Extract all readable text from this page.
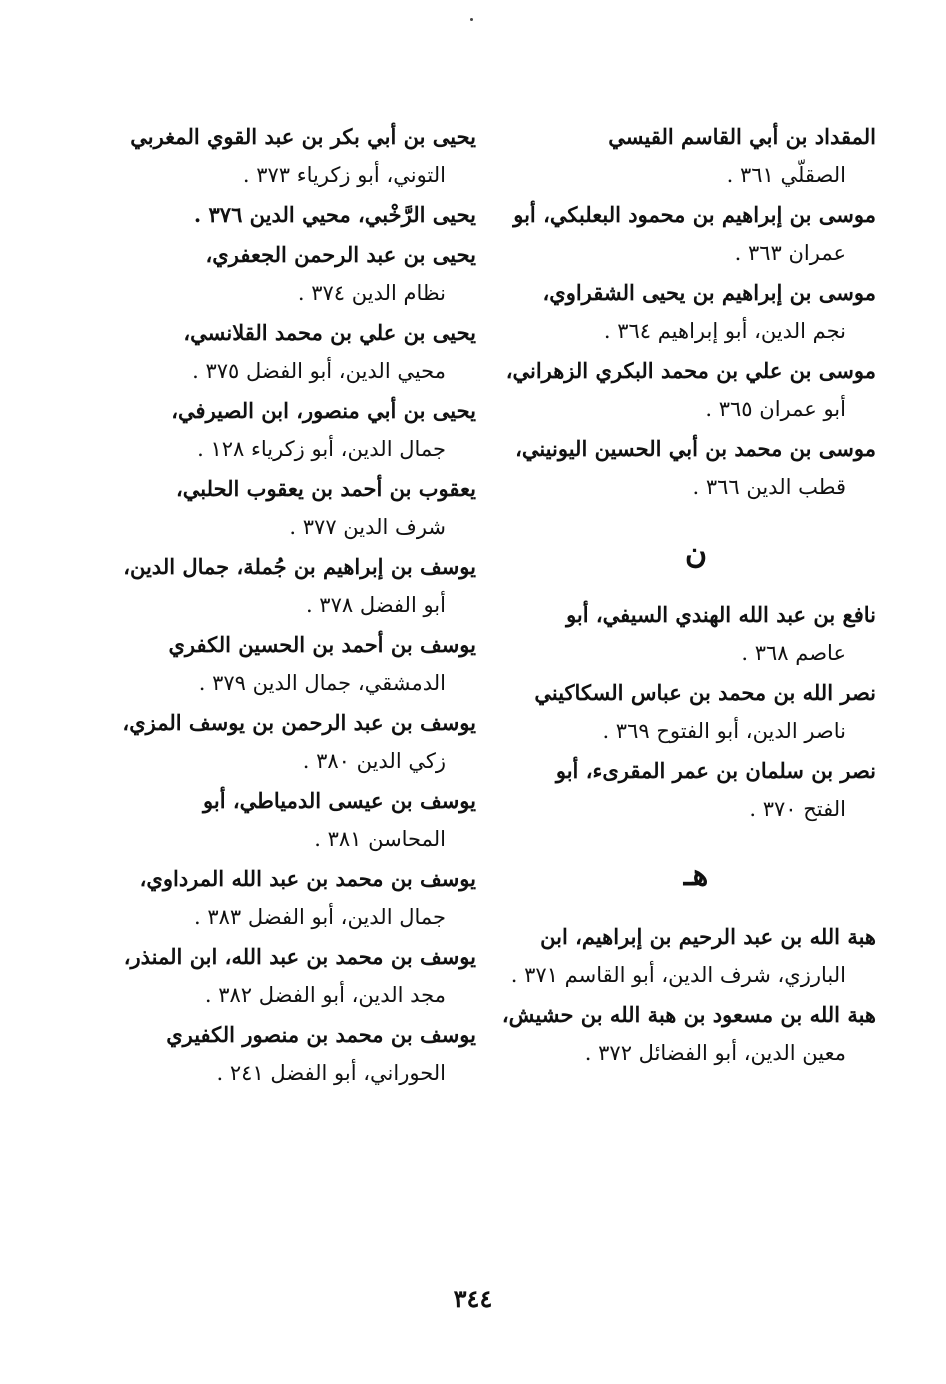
المقداد بن أبي القاسم القيسي
الصقلّي ٣٦١ .
موسى بن إبراهيم بن محمود البعلبكي، أبو
عمران ٣٦٣ .
موسى بن إبراهيم بن يحيى الشقراوي،
نجم الدين، أبو إبراهيم ٣٦٤ .
موسى بن علي بن محمد البكري الزهراني،
أبو عمران ٣٦٥ .
موسى بن محمد بن أبي الحسين اليونيني،
قطب الدين ٣٦٦ .
ن
نافع بن عبد الله الهندي السيفي، أبو
عاصم ٣٦٨ .
نصر الله بن محمد بن عباس السكاكيني
ناصر الدين، أبو الفتوح ٣٦٩ .
نصر بن سلمان بن عمر المقرىء، أبو
الفتح ٣٧٠ .
هـ
هبة الله بن عبد الرحيم بن إبراهيم، ابن
البارزي، شرف الدين، أبو القاسم ٣٧١ .
هبة الله بن مسعود بن هبة الله بن حشيش،
معين الدين، أبو الفضائل ٣٧٢ .
يحيى بن أبي بكر بن عبد القوي المغربي
التوني، أبو زكرياء ٣٧٣ .
يحيى الرَّخْبي، محيي الدين ٣٧٦ .
يحيى بن عبد الرحمن الجعفري،
نظام الدين ٣٧٤ .
يحيى بن علي بن محمد القلانسي،
محيي الدين، أبو الفضل ٣٧٥ .
يحيى بن أبي منصور، ابن الصيرفي،
جمال الدين، أبو زكرياء ١٢٨ .
يعقوب بن أحمد بن يعقوب الحلبي،
شرف الدين ٣٧٧ .
يوسف بن إبراهيم بن جُملة، جمال الدين،
أبو الفضل ٣٧٨ .
يوسف بن أحمد بن الحسين الكفري
الدمشقي، جمال الدين ٣٧٩ .
يوسف بن عبد الرحمن بن يوسف المزي،
زكي الدين ٣٨٠ .
يوسف بن عيسى الدمياطي، أبو
المحاسن ٣٨١ .
يوسف بن محمد بن عبد الله المرداوي،
جمال الدين، أبو الفضل ٣٨٣ .
يوسف بن محمد بن عبد الله، ابن المنذر،
مجد الدين، أبو الفضل ٣٨٢ .
يوسف بن محمد بن منصور الكفيري
الحوراني، أبو الفضل ٢٤١ .
٣٤٤
